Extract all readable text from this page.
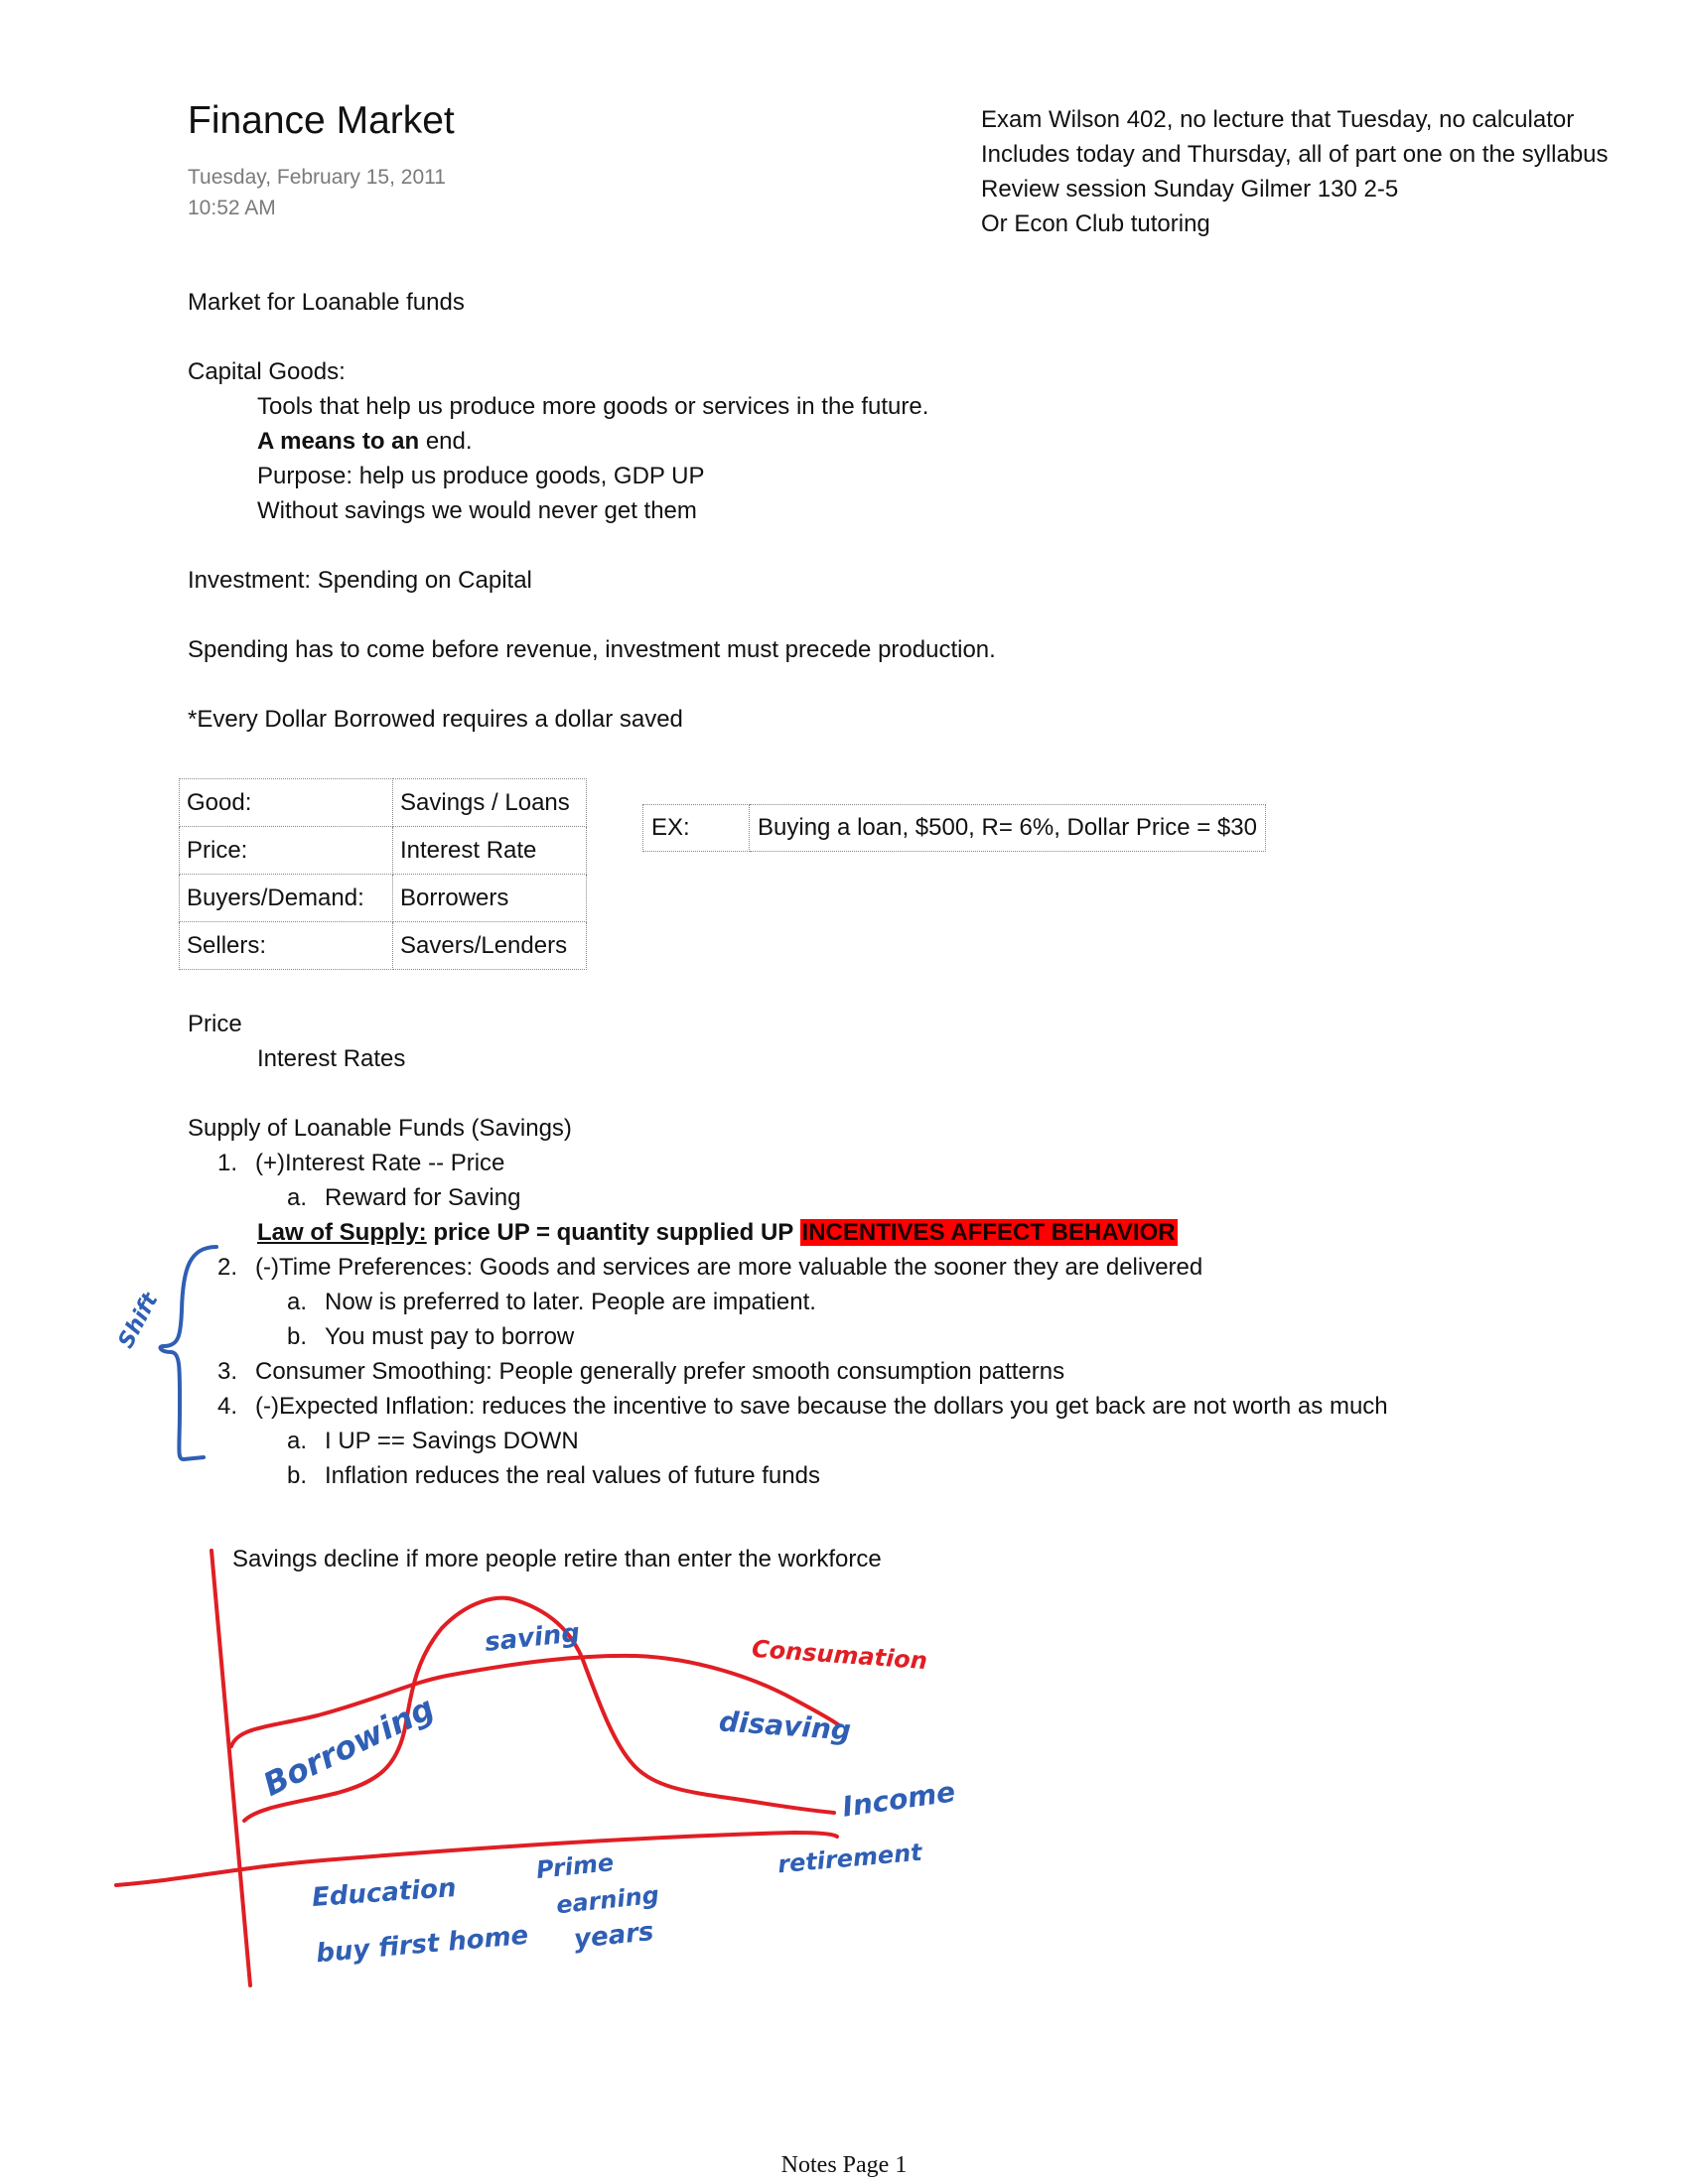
Finance Market
Tuesday, February 15, 2011
10:52 AM
Exam Wilson 402, no lecture that Tuesday, no calculator
Includes today and Thursday, all of part one on the syllabus
Review session Sunday Gilmer 130 2-5
Or Econ Club tutoring
Market for Loanable funds
Capital Goods:
Tools that help us produce more goods or services in the future.
A means to an end.
Purpose: help us produce goods, GDP UP
Without savings we would never get them
Investment: Spending on Capital
Spending has to come before revenue, investment must precede production.
*Every Dollar Borrowed requires a dollar saved
Good:	Savings / Loans
Price:	Interest Rate
Buyers/Demand:	Borrowers
Sellers:	Savers/Lenders
EX:	Buying a loan, $500, R= 6%, Dollar Price = $30
Price
Interest Rates
Supply of Loanable Funds (Savings)
1. (+)Interest Rate -- Price
a. Reward for Saving
Law of Supply: price UP = quantity supplied UP INCENTIVES AFFECT BEHAVIOR
2. (-)Time Preferences: Goods and services are more valuable the sooner they are delivered
a. Now is preferred to later. People are impatient.
b. You must pay to borrow
3. Consumer Smoothing: People generally prefer smooth consumption patterns
4. (-)Expected Inflation: reduces the incentive to save because the dollars you get back are not worth as much
a. I UP == Savings DOWN
b. Inflation reduces the real values of future funds
Shift
Savings decline if more people retire than enter the workforce
saving	Consumation
Borrowing	disaving
Income
retirement
Education
buy first home
Prime
earning
years
Notes Page 1
